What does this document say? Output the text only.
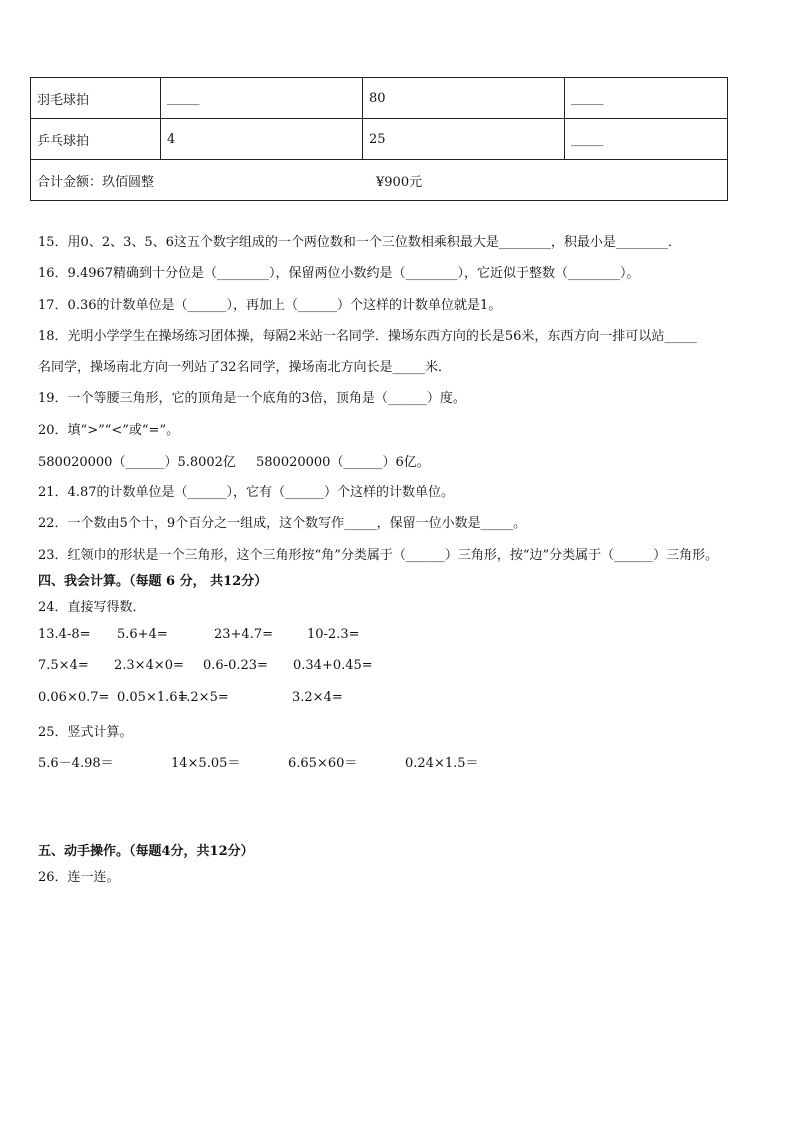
羽毛球拍	_____	80	_____
乒乓球拍	4	25	_____
合计金额：玖佰圆整 ¥900元			
15．用0、2、3、5、6这五个数字组成的一个两位数和一个三位数相乘积最大是________，积最小是________．
16．9.4967精确到十分位是（________），保留两位小数约是（________），它近似于整数（________）。
17．0.36的计数单位是（______），再加上（______）个这样的计数单位就是1。
18．光明小学学生在操场练习团体操，每隔2米站一名同学．操场东西方向的长是56米，东西方向一排可以站_____
名同学，操场南北方向一列站了32名同学，操场南北方向长是_____米．
19．一个等腰三角形，它的顶角是一个底角的3倍，顶角是（______）度。
20．填“>”“<”或“=”。
580020000（______）5.8002亿 580020000（______）6亿。
21．4.87的计数单位是（______），它有（______）个这样的计数单位。
22．一个数由5个十，9个百分之一组成，这个数写作_____，保留一位小数是_____。
23．红领巾的形状是一个三角形，这个三角形按“角”分类属于（______）三角形，按“边”分类属于（______）三角形。
四、我会计算。（每题 6 分， 共12分）
24．直接写得数．
13.4-8= 5.6+4=	23+4.7=	10-2.3=
7.5×4= 2.3×4×0= 0.6-0.23= 0.34+0.45=
0.06×0.7= 0.05×1.6=
1.2×5=	3.2×4=
25．竖式计算。
5.6－4.98＝	14×5.05＝	6.65×60＝	0.24×1.5＝
五、动手操作。（每题4分，共12分）
26．连一连。
